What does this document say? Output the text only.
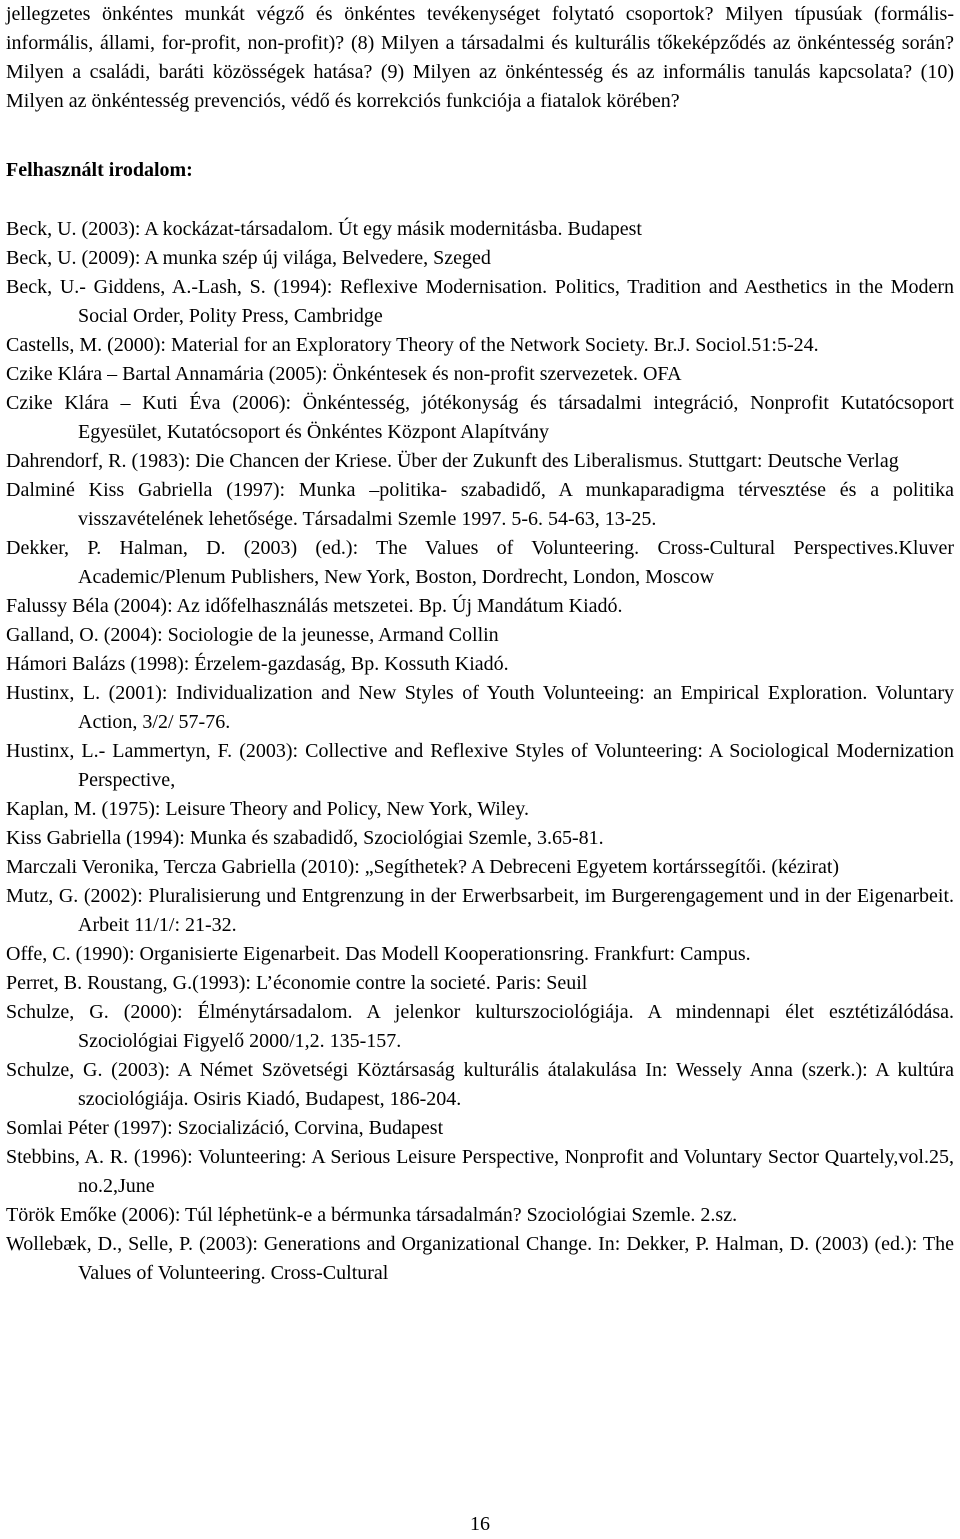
jellegzetes önkéntes munkát végző és önkéntes tevékenységet folytató csoportok? Milyen típusúak (formális-informális, állami, for-profit, non-profit)? (8) Milyen a társadalmi és kulturális tőkeképződés az önkéntesség során? Milyen a családi, baráti közösségek hatása? (9) Milyen az önkéntesség és az informális tanulás kapcsolata? (10) Milyen az önkéntesség prevenciós, védő és korrekciós funkciója a fiatalok körében?

Felhasznált irodalom:

Beck, U. (2003): A kockázat-társadalom. Út egy másik modernitásba. Budapest

Beck, U. (2009): A munka szép új világa, Belvedere, Szeged

Beck, U.- Giddens, A.-Lash, S. (1994): Reflexive Modernisation. Politics, Tradition and Aesthetics in the Modern Social Order, Polity Press, Cambridge

Castells, M. (2000): Material for an Exploratory Theory of the Network Society. Br.J. Sociol.51:5-24.

Czike Klára – Bartal Annamária (2005): Önkéntesek és non-profit szervezetek. OFA

Czike Klára – Kuti Éva (2006): Önkéntesség, jótékonyság és társadalmi integráció, Nonprofit Kutatócsoport Egyesület, Kutatócsoport és Önkéntes Központ Alapítvány

Dahrendorf, R. (1983): Die Chancen der Kriese. Über der Zukunft des Liberalismus. Stuttgart: Deutsche Verlag

Dalminé Kiss Gabriella (1997): Munka –politika- szabadidő, A munkaparadigma térvesztése és a politika visszavételének lehetősége. Társadalmi Szemle 1997. 5-6. 54-63, 13-25.

Dekker, P. Halman, D. (2003) (ed.): The Values of Volunteering. Cross-Cultural Perspectives.Kluver Academic/Plenum Publishers, New York, Boston, Dordrecht, London, Moscow

Falussy Béla (2004): Az időfelhasználás metszetei. Bp. Új Mandátum Kiadó.

Galland, O. (2004): Sociologie de la jeunesse, Armand Collin

Hámori Balázs (1998): Érzelem-gazdaság, Bp. Kossuth Kiadó.

Hustinx, L. (2001): Individualization and New Styles of Youth Volunteeing: an Empirical Exploration. Voluntary Action, 3/2/ 57-76.

Hustinx, L.- Lammertyn, F. (2003): Collective and Reflexive Styles of Volunteering: A Sociological Modernization Perspective,

Kaplan, M. (1975): Leisure Theory and Policy, New York, Wiley.

Kiss Gabriella (1994): Munka és szabadidő, Szociológiai Szemle, 3.65-81.

Marczali Veronika, Tercza Gabriella (2010): „Segíthetek? A Debreceni Egyetem kortárssegítői. (kézirat)

Mutz, G. (2002): Pluralisierung und Entgrenzung in der Erwerbsarbeit, im Burgerengagement und in der Eigenarbeit. Arbeit 11/1/: 21-32.

Offe, C. (1990): Organisierte Eigenarbeit. Das Modell Kooperationsring. Frankfurt: Campus.

Perret, B. Roustang, G.(1993): L’économie contre la societé. Paris: Seuil

Schulze, G. (2000): Élménytársadalom. A jelenkor kulturszociológiája. A mindennapi élet esztétizálódása. Szociológiai Figyelő 2000/1,2. 135-157.

Schulze, G. (2003): A Német Szövetségi Köztársaság kulturális átalakulása In: Wessely Anna (szerk.): A kultúra szociológiája. Osiris Kiadó, Budapest, 186-204.

Somlai Péter (1997): Szocializáció, Corvina, Budapest

Stebbins, A. R. (1996): Volunteering: A Serious Leisure Perspective, Nonprofit and Voluntary Sector Quartely,vol.25, no.2,June

Török Emőke (2006): Túl léphetünk-e a bérmunka társadalmán? Szociológiai Szemle. 2.sz.

Wollebæk, D., Selle, P. (2003): Generations and Organizational Change. In: Dekker, P. Halman, D. (2003) (ed.): The Values of Volunteering. Cross-Cultural

16
